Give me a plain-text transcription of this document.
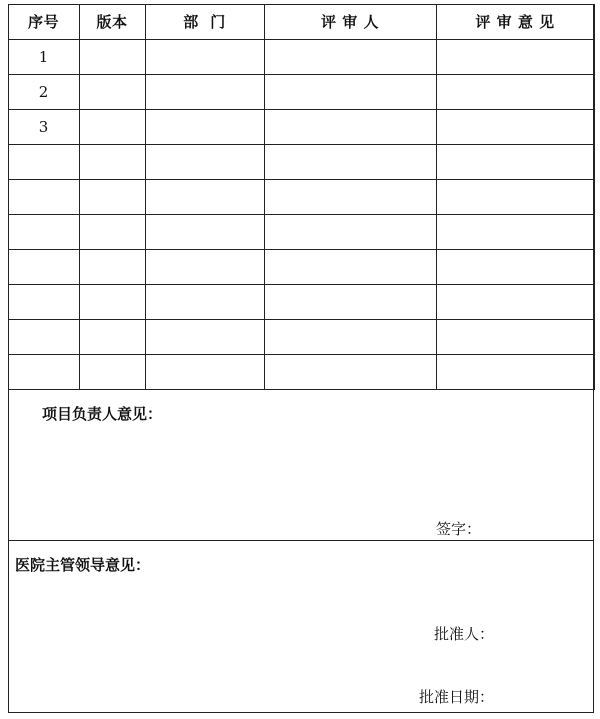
序号	版本	部  门	评 审 人	评 审 意 见
1				
2				
3				

项目负责人意见：
签字：
医院主管领导意见：
批准人：
批准日期：
